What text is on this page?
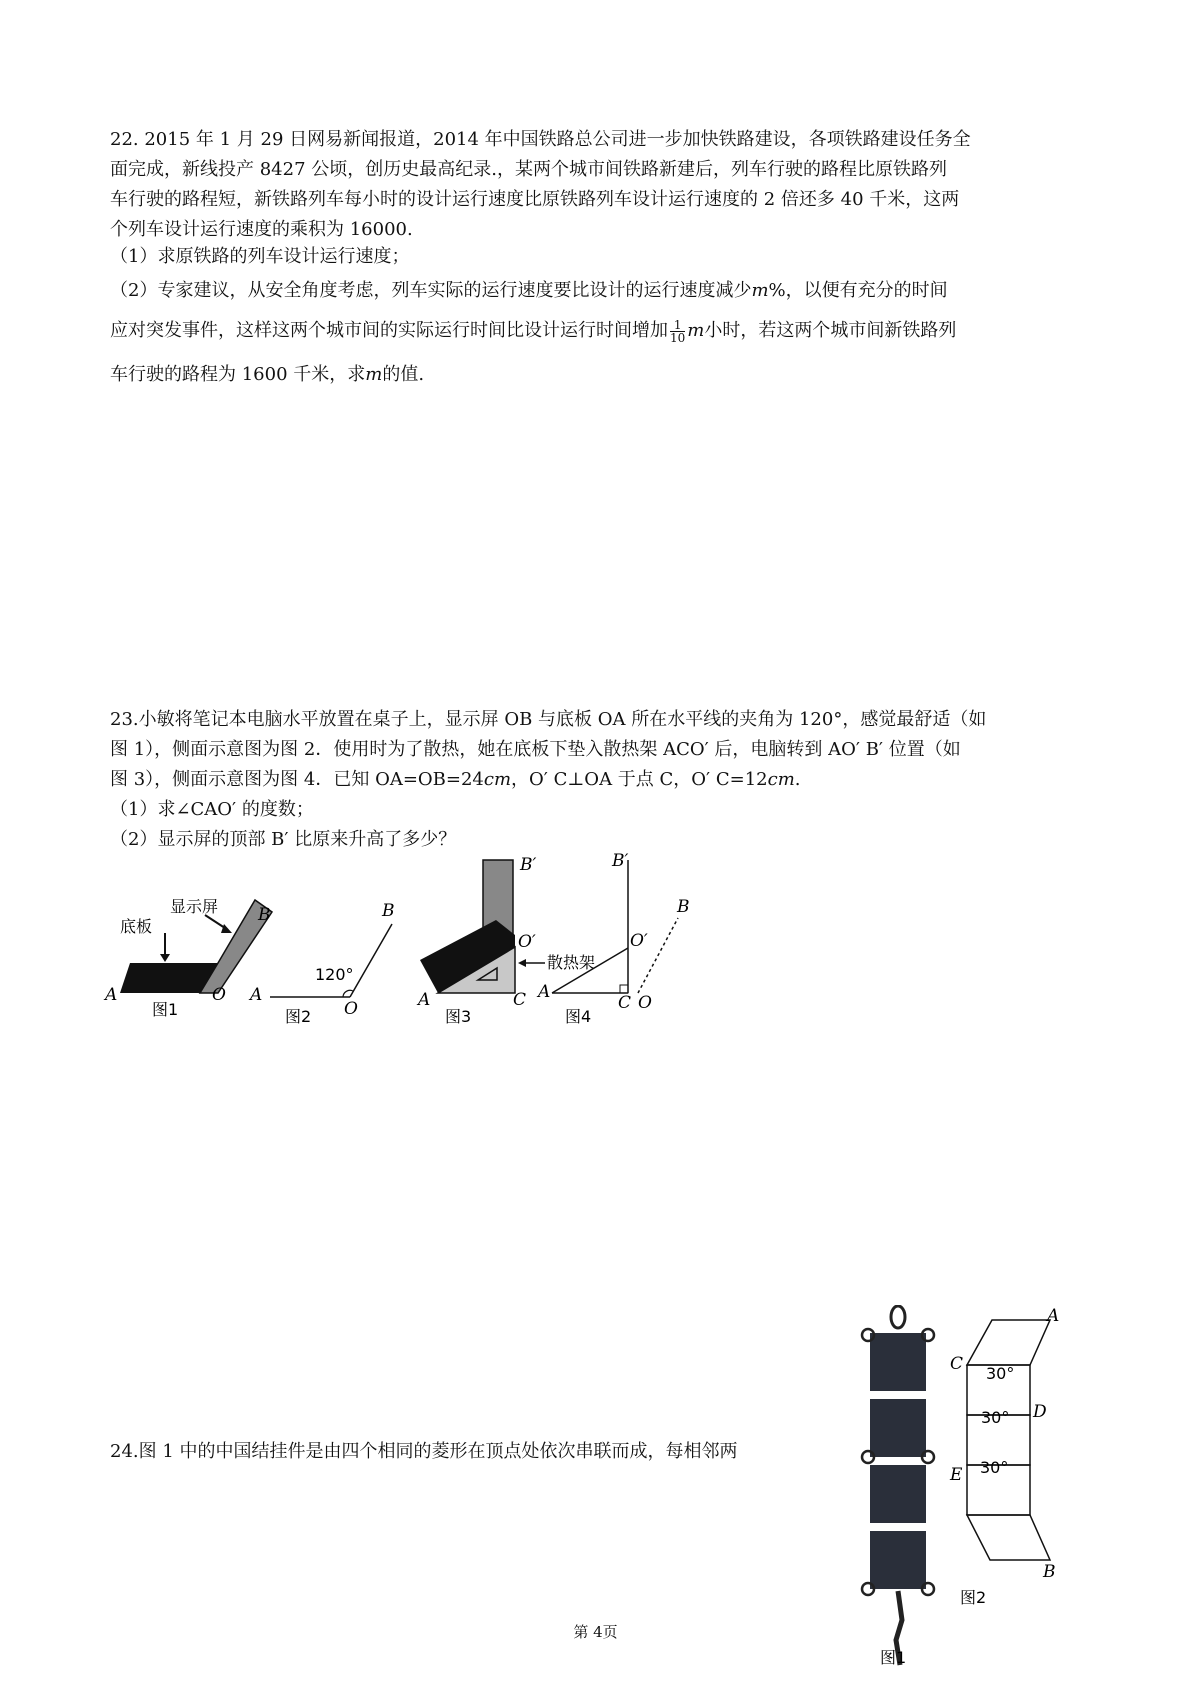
22. 2015 年 1 月 29 日网易新闻报道，2014 年中国铁路总公司进一步加快铁路建设，各项铁路建设任务全
面完成，新线投产 8427 公顷，创历史最高纪录.，某两个城市间铁路新建后，列车行驶的路程比原铁路列
车行驶的路程短，新铁路列车每小时的设计运行速度比原铁路列车设计运行速度的 2 倍还多 40 千米，这两
个列车设计运行速度的乘积为 16000.
（1）求原铁路的列车设计运行速度；
（2）专家建议，从安全角度考虑，列车实际的运行速度要比设计的运行速度减少m%，以便有充分的时间
应对突发事件，这样这两个城市间的实际运行时间比设计运行时间增加 $\frac{1}{10}$ m小时，若这两个城市间新铁路列
车行驶的路程为 1600 千米，求m的值.
23.小敏将笔记本电脑水平放置在桌子上，显示屏 OB 与底板 OA 所在水平线的夹角为 120°，感觉最舒适（如
图 1），侧面示意图为图 2．使用时为了散热，她在底板下垫入散热架 ACO′ 后，电脑转到 AO′ B′ 位置（如
图 3），侧面示意图为图 4．已知 OA=OB=24cm，O′ C⊥OA 于点 C，O′ C=12cm.
（1）求∠CAO′ 的度数；
（2）显示屏的顶部 B′ 比原来升高了多少？
显示屏
底板
B
A	O
图1
B
120°
A
O
图2
B′
O′
散热架
A	C
图3
B′
B
O′
A
C O
图4
24.图 1 中的中国结挂件是由四个相同的菱形在顶点处依次串联而成，每相邻两
图1
A
C 30°
D
30°
E 30°
B
图2
第 4页
